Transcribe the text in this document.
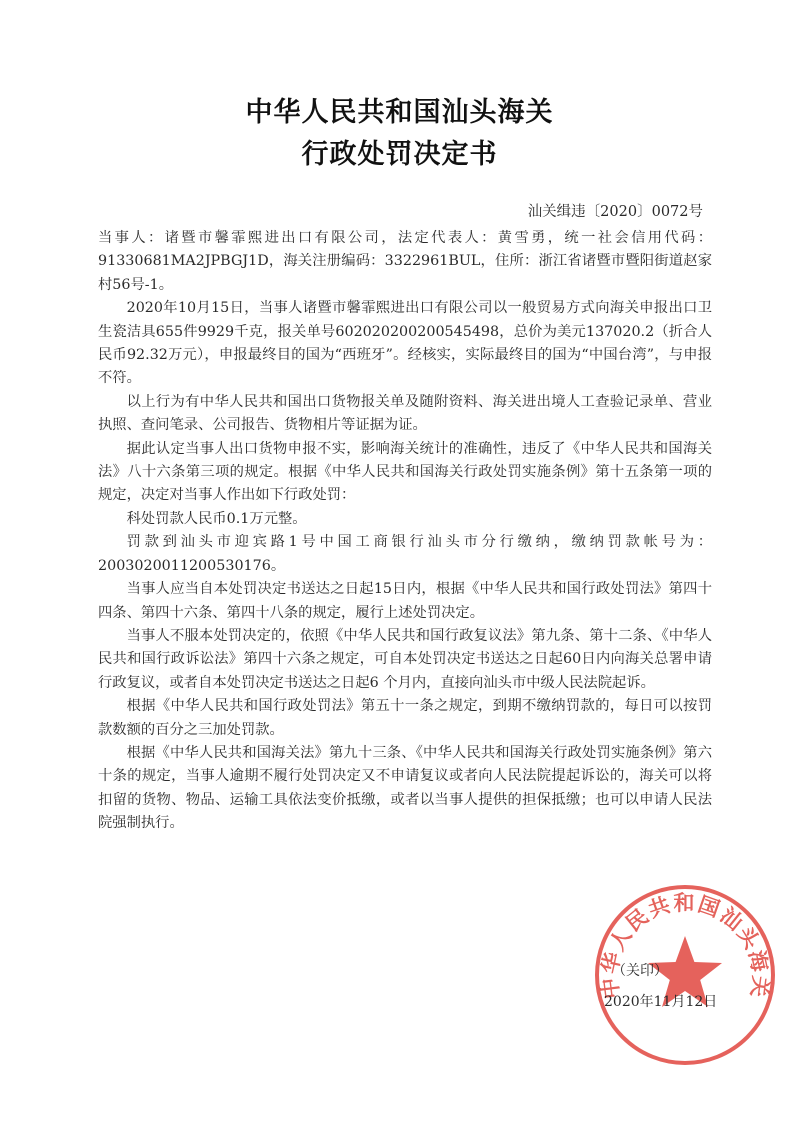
中华人民共和国汕头海关
行政处罚决定书
汕关缉违〔2020〕0072号

当事人：诸暨市馨霏熙进出口有限公司，法定代表人：黄雪勇，统一社会信用代码：91330681MA2JPBGJ1D，海关注册编码：3322961BUL，住所：浙江省诸暨市暨阳街道赵家村56号-1。

2020年10月15日，当事人诸暨市馨霏熙进出口有限公司以一般贸易方式向海关申报出口卫生瓷洁具655件9929千克，报关单号602020200200545498，总价为美元137020.2（折合人民币92.32万元），申报最终目的国为“西班牙”。经核实，实际最终目的国为“中国台湾”，与申报不符。

以上行为有中华人民共和国出口货物报关单及随附资料、海关进出境人工查验记录单、营业执照、查问笔录、公司报告、货物相片等证据为证。

据此认定当事人出口货物申报不实，影响海关统计的准确性，违反了《中华人民共和国海关法》八十六条第三项的规定。根据《中华人民共和国海关行政处罚实施条例》第十五条第一项的规定，决定对当事人作出如下行政处罚：

科处罚款人民币0.1万元整。

罚款到汕头市迎宾路1号中国工商银行汕头市分行缴纳，缴纳罚款帐号为：2003020011200530176。

当事人应当自本处罚决定书送达之日起15日内，根据《中华人民共和国行政处罚法》第四十四条、第四十六条、第四十八条的规定，履行上述处罚决定。

当事人不服本处罚决定的，依照《中华人民共和国行政复议法》第九条、第十二条、《中华人民共和国行政诉讼法》第四十六条之规定，可自本处罚决定书送达之日起60日内向海关总署申请行政复议，或者自本处罚决定书送达之日起6 个月内，直接向汕头市中级人民法院起诉。

根据《中华人民共和国行政处罚法》第五十一条之规定，到期不缴纳罚款的，每日可以按罚款数额的百分之三加处罚款。

根据《中华人民共和国海关法》第九十三条、《中华人民共和国海关行政处罚实施条例》第六十条的规定，当事人逾期不履行处罚决定又不申请复议或者向人民法院提起诉讼的，海关可以将扣留的货物、物品、运输工具依法变价抵缴，或者以当事人提供的担保抵缴；也可以申请人民法院强制执行。

中华人民共和国汕头海关
（关印）
2020年11月12日
